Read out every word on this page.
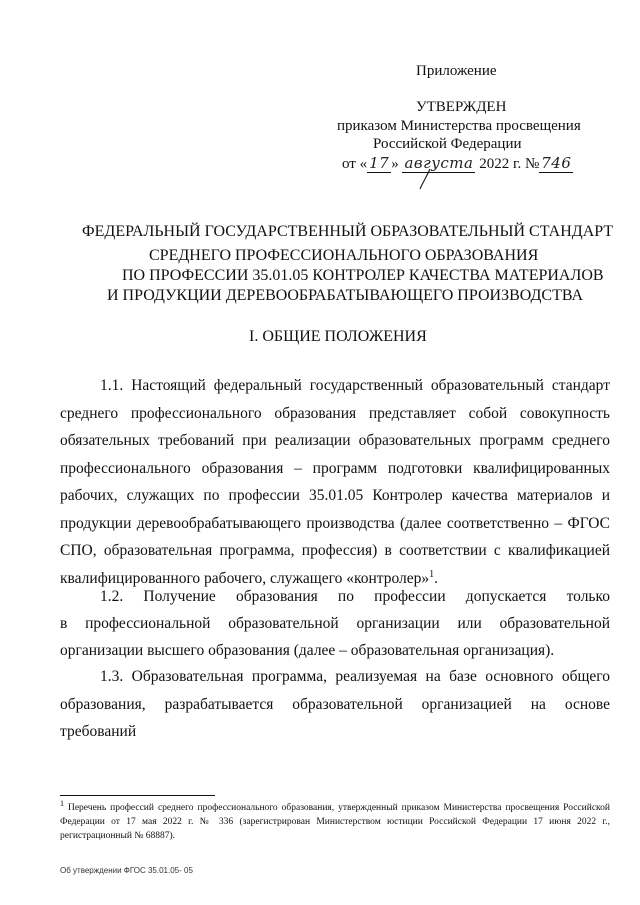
Приложение
УТВЕРЖДЕН
приказом Министерства просвещения
Российской Федерации
от « 17 » августа 2022 г. № 746
ФЕДЕРАЛЬНЫЙ ГОСУДАРСТВЕННЫЙ ОБРАЗОВАТЕЛЬНЫЙ СТАНДАРТ
СРЕДНЕГО ПРОФЕССИОНАЛЬНОГО ОБРАЗОВАНИЯ
ПО ПРОФЕССИИ 35.01.05 КОНТРОЛЕР КАЧЕСТВА МАТЕРИАЛОВ
И ПРОДУКЦИИ ДЕРЕВООБРАБАТЫВАЮЩЕГО ПРОИЗВОДСТВА
I. ОБЩИЕ ПОЛОЖЕНИЯ
1.1. Настоящий федеральный государственный образовательный стандарт среднего профессионального образования представляет собой совокупность обязательных требований при реализации образовательных программ среднего профессионального образования – программ подготовки квалифицированных рабочих, служащих по профессии 35.01.05 Контролер качества материалов и продукции деревообрабатывающего производства (далее соответственно – ФГОС СПО, образовательная программа, профессия) в соответствии с квалификацией квалифицированного рабочего, служащего «контролер»$^1$.
1.2. Получение образования по профессии допускается только
в профессиональной образовательной организации или образовательной
организации высшего образования (далее – образовательная организация).
1.3. Образовательная программа, реализуемая на базе основного общего образования, разрабатывается образовательной организацией на основе требований
$^1$ Перечень профессий среднего профессионального образования, утвержденный приказом Министерства просвещения Российской Федерации от 17 мая 2022 г. № 336 (зарегистрирован Министерством юстиции Российской Федерации 17 июня 2022 г., регистрационный № 68887).
Об утверждении ФГОС 35.01.05- 05
